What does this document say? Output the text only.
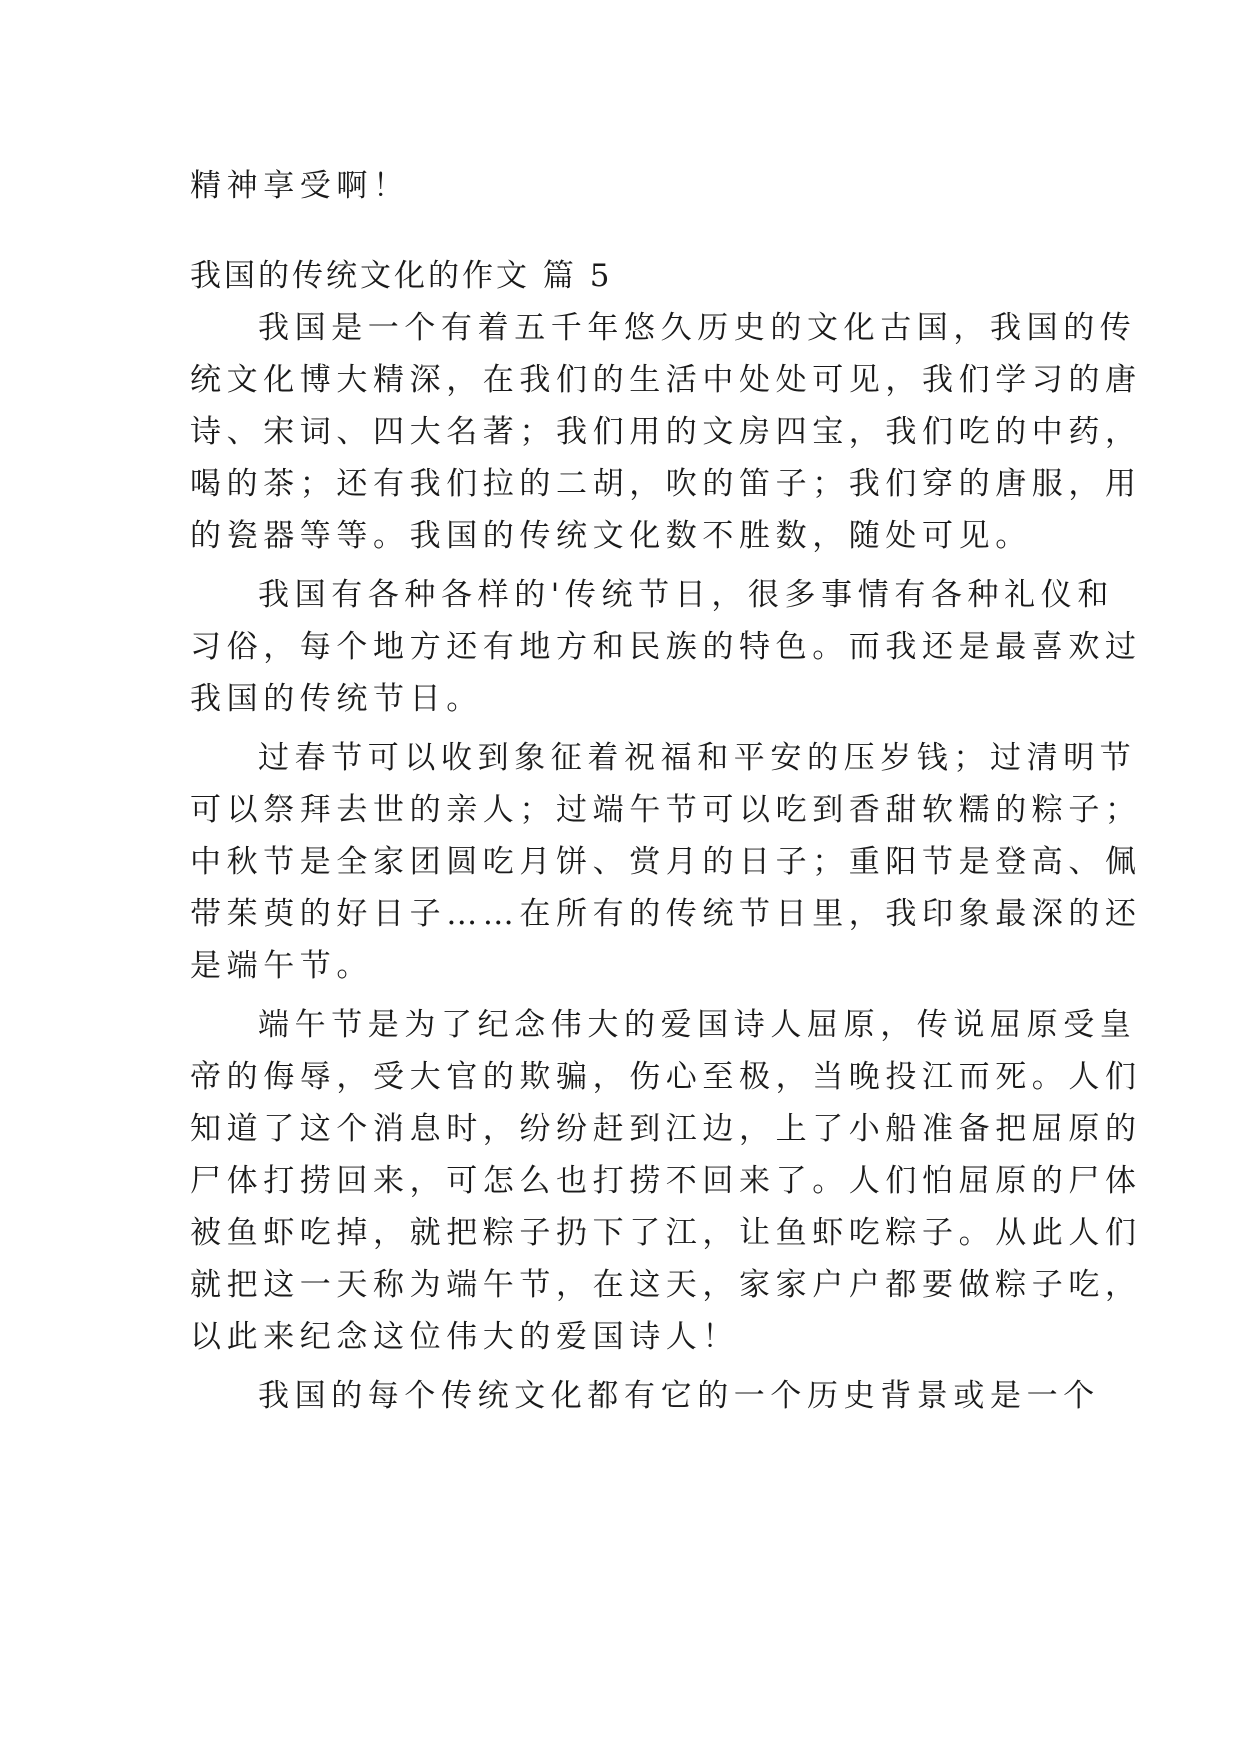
精神享受啊！
我国的传统文化的作文 篇 5
我国是一个有着五千年悠久历史的文化古国，我国的传
统文化博大精深，在我们的生活中处处可见，我们学习的唐
诗、宋词、四大名著；我们用的文房四宝，我们吃的中药，
喝的茶；还有我们拉的二胡，吹的笛子；我们穿的唐服，用
的瓷器等等。我国的传统文化数不胜数，随处可见。
我国有各种各样的'传统节日，很多事情有各种礼仪和
习俗，每个地方还有地方和民族的特色。而我还是最喜欢过
我国的传统节日。
过春节可以收到象征着祝福和平安的压岁钱；过清明节
可以祭拜去世的亲人；过端午节可以吃到香甜软糯的粽子；
中秋节是全家团圆吃月饼、赏月的日子；重阳节是登高、佩
带茱萸的好日子……在所有的传统节日里，我印象最深的还
是端午节。
端午节是为了纪念伟大的爱国诗人屈原，传说屈原受皇
帝的侮辱，受大官的欺骗，伤心至极，当晚投江而死。人们
知道了这个消息时，纷纷赶到江边，上了小船准备把屈原的
尸体打捞回来，可怎么也打捞不回来了。人们怕屈原的尸体
被鱼虾吃掉，就把粽子扔下了江，让鱼虾吃粽子。从此人们
就把这一天称为端午节，在这天，家家户户都要做粽子吃，
以此来纪念这位伟大的爱国诗人！
我国的每个传统文化都有它的一个历史背景或是一个
